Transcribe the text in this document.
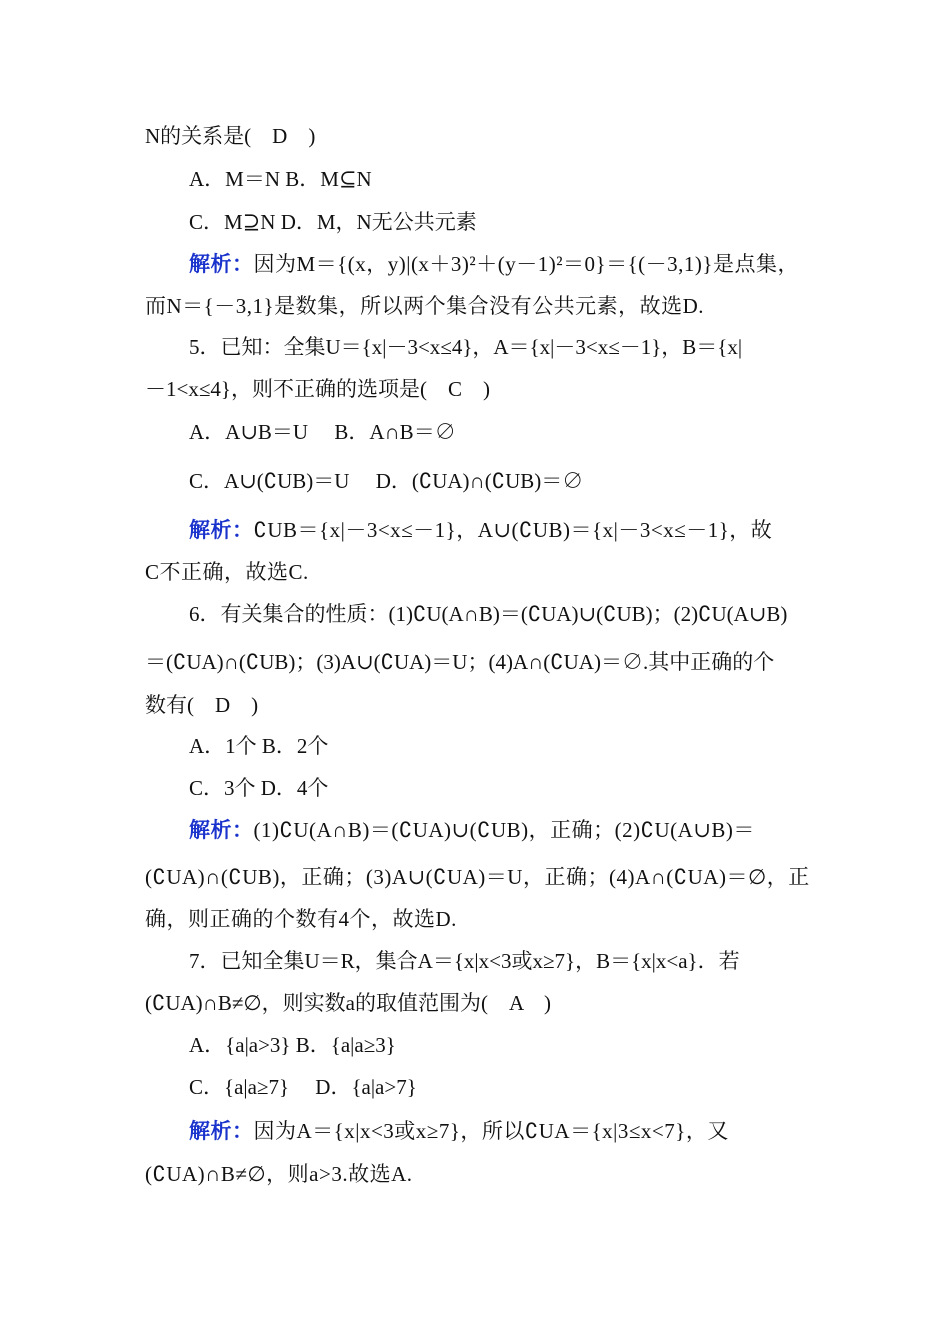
N的关系是(　D　)
A．M＝N B．M⊆N
C．M⊇N D．M，N无公共元素
解析：因为M＝{(x，y)|(x＋3)²＋(y－1)²＝0}＝{(－3,1)}是点集，
而N＝{－3,1}是数集，所以两个集合没有公共元素，故选D.
5．已知：全集U＝{x|－3<x≤4}，A＝{x|－3<x≤－1}，B＝{x|
－1<x≤4}，则不正确的选项是(　C　)
A．A∪B＝U　 B．A∩B＝∅
C．A∪(∁UB)＝U　 D．(∁UA)∩(∁UB)＝∅
解析：∁UB＝{x|－3<x≤－1}，A∪(∁UB)＝{x|－3<x≤－1}，故
C不正确，故选C.
6．有关集合的性质：(1)∁U(A∩B)＝(∁UA)∪(∁UB)；(2)∁U(A∪B)
＝(∁UA)∩(∁UB)；(3)A∪(∁UA)＝U；(4)A∩(∁UA)＝∅.其中正确的个
数有(　D　)
A．1个 B．2个
C．3个 D．4个
解析：(1)∁U(A∩B)＝(∁UA)∪(∁UB)，正确；(2)∁U(A∪B)＝
(∁UA)∩(∁UB)，正确；(3)A∪(∁UA)＝U，正确；(4)A∩(∁UA)＝∅，正
确，则正确的个数有4个，故选D.
7．已知全集U＝R，集合A＝{x|x<3或x≥7}，B＝{x|x<a}．若
(∁UA)∩B≠∅，则实数a的取值范围为(　A　)
A．{a|a>3} B．{a|a≥3}
C．{a|a≥7}　 D．{a|a>7}
解析：因为A＝{x|x<3或x≥7}，所以∁UA＝{x|3≤x<7}，又
(∁UA)∩B≠∅，则a>3.故选A.
